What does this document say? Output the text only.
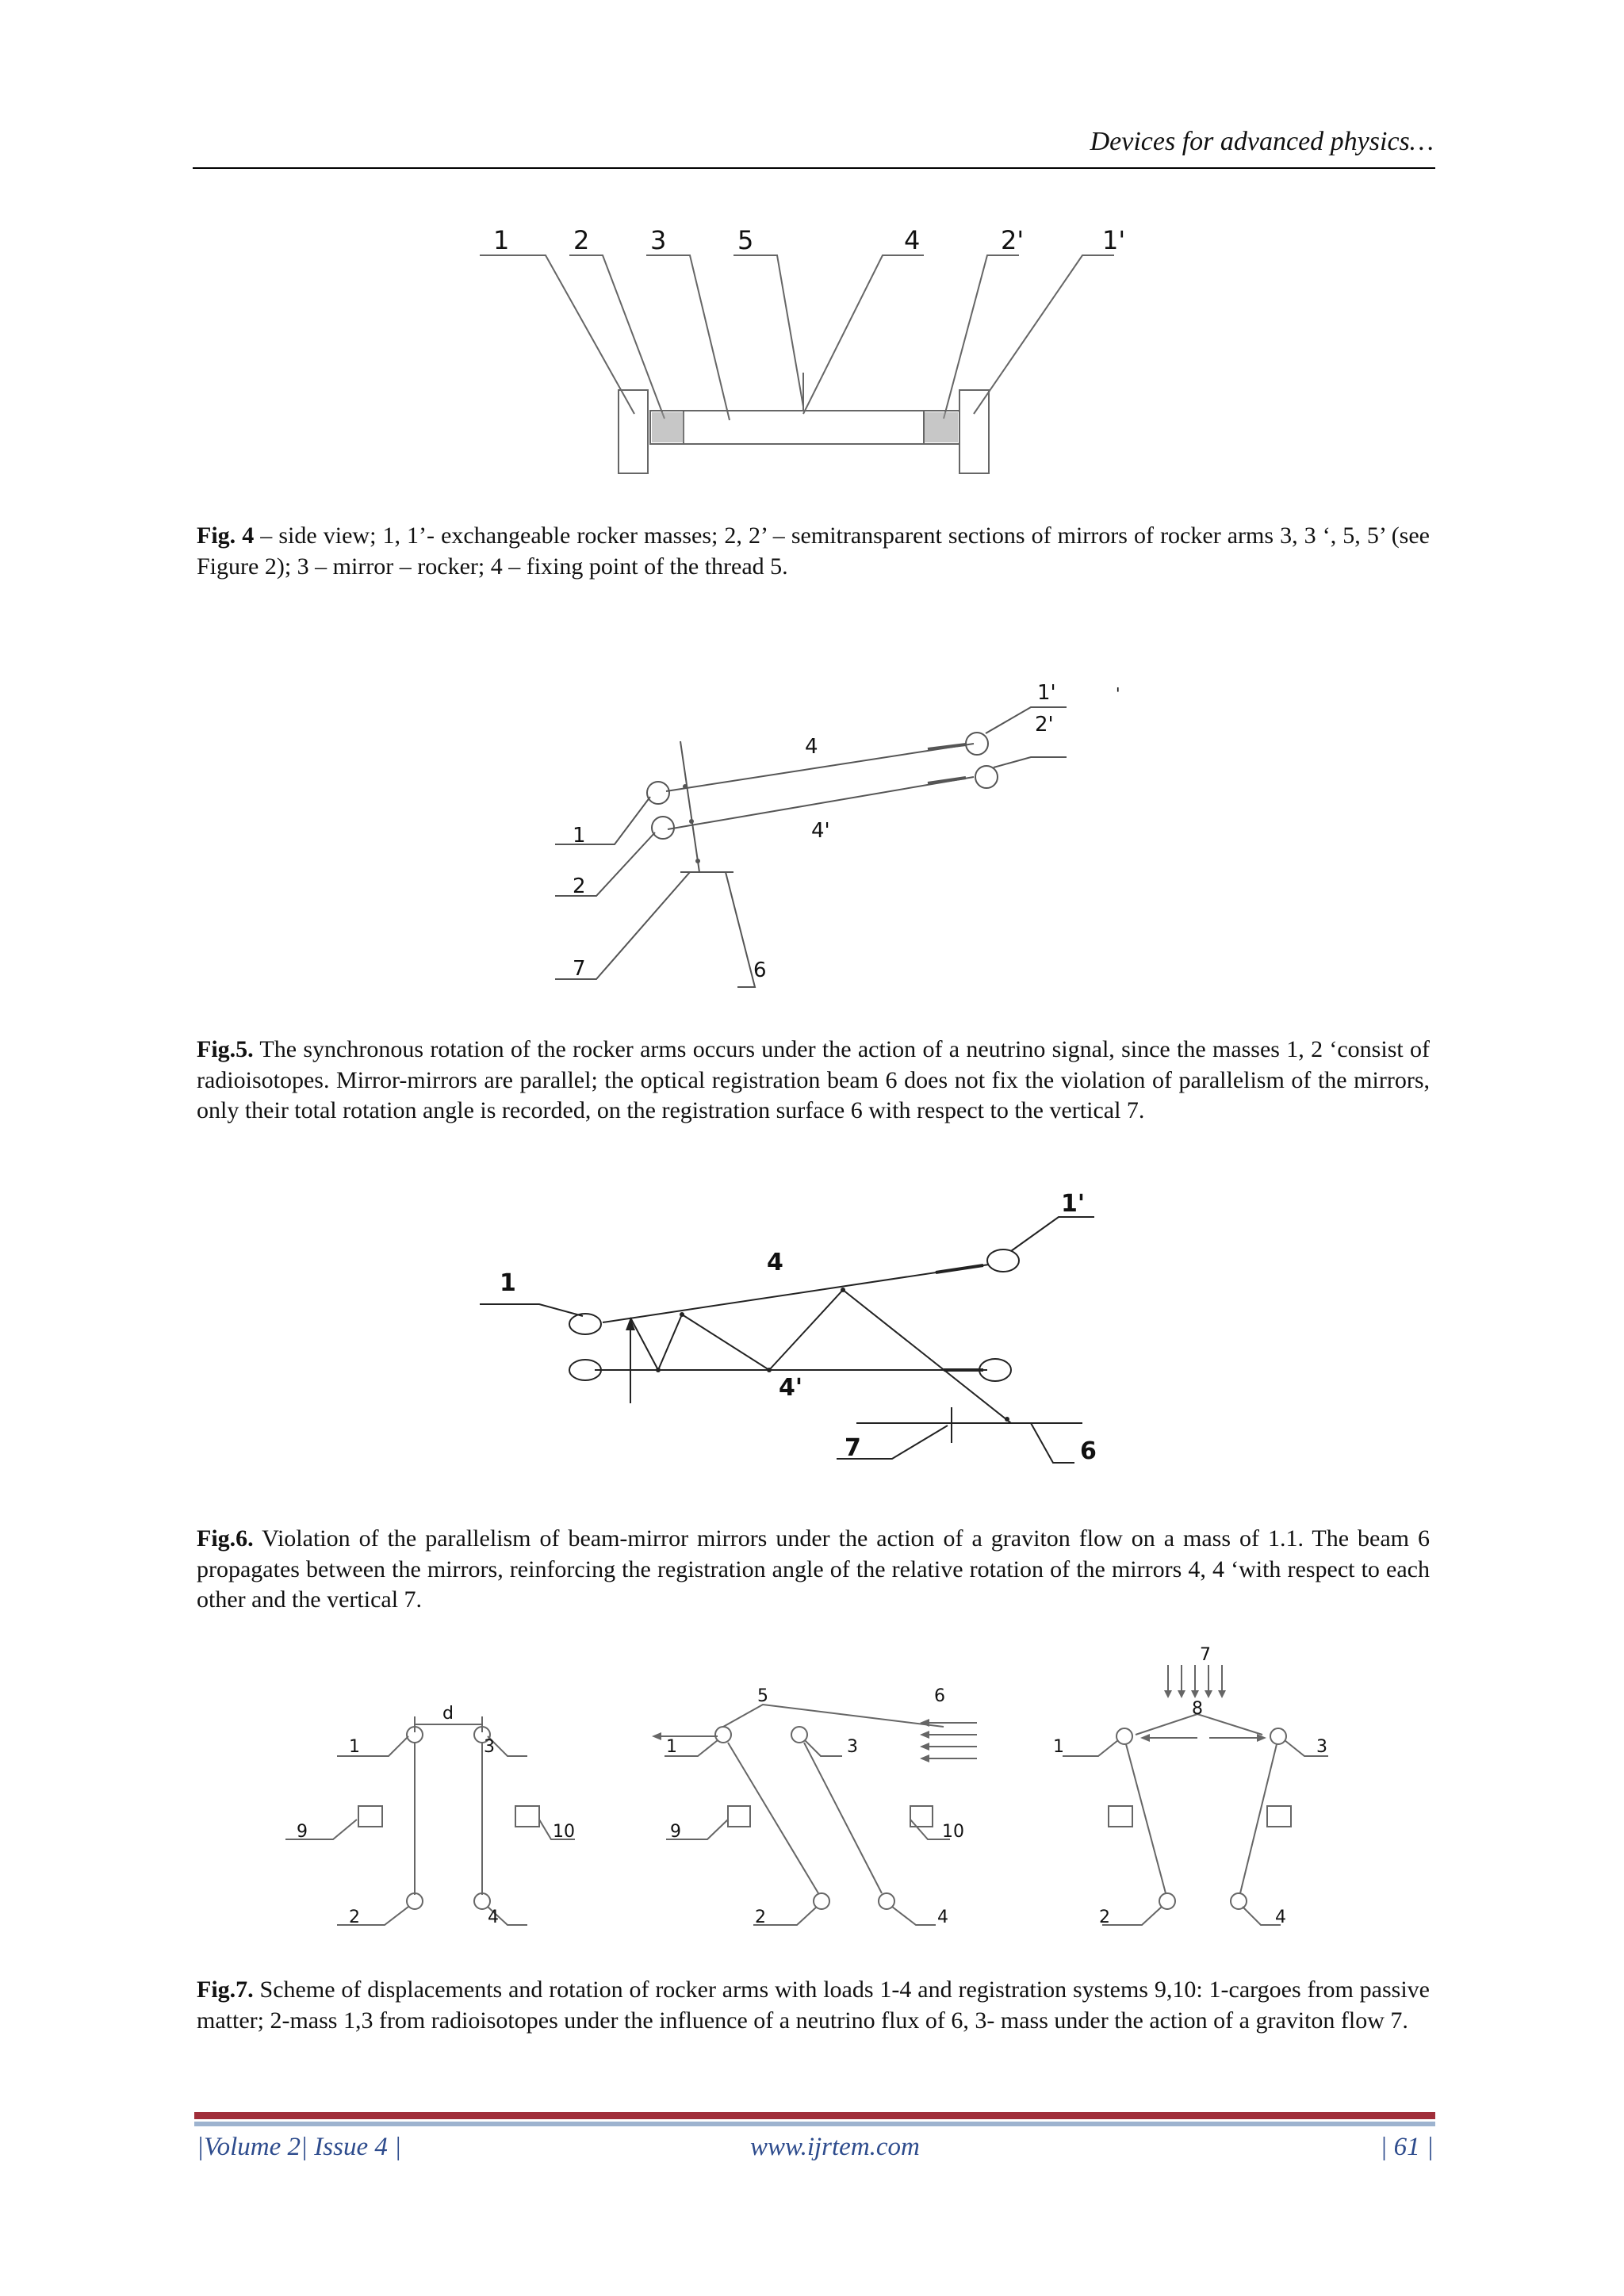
Devices for advanced physics…
1	2 3	5	4	2'	1'
Fig. 4 – side view; 1, 1’- exchangeable rocker masses; 2, 2’ – semitransparent sections of mirrors of rocker arms 3, 3 ‘, 5, 5’ (see Figure 2); 3 – mirror – rocker; 4 – fixing point of the thread 5.
1'
2'
'
4
4'
1
2
7	6
Fig.5. The synchronous rotation of the rocker arms occurs under the action of a neutrino signal, since the masses 1, 2 ‘consist of radioisotopes. Mirror-mirrors are parallel; the optical registration beam 6 does not fix the violation of parallelism of the mirrors, only their total rotation angle is recorded, on the registration surface 6 with respect to the vertical 7.
1
1'
4
4'
7	6
Fig.6. Violation of the parallelism of beam-mirror mirrors under the action of a graviton flow on a mass of 1.1. The beam 6 propagates between the mirrors, reinforcing the registration angle of the relative rotation of the mirrors 4, 4 ‘with respect to each other and the vertical 7.
d
1	3
9	10
2	4
5	6
1	3
9	10
2	4
7
8
1	3
2	4
Fig.7. Scheme of displacements and rotation of rocker arms with loads 1-4 and registration systems 9,10: 1-cargoes from passive matter; 2-mass 1,3 from radioisotopes under the influence of a neutrino flux of 6, 3- mass under the action of a graviton flow 7.
|Volume 2| Issue 4 |	www.ijrtem.com	| 61 |
